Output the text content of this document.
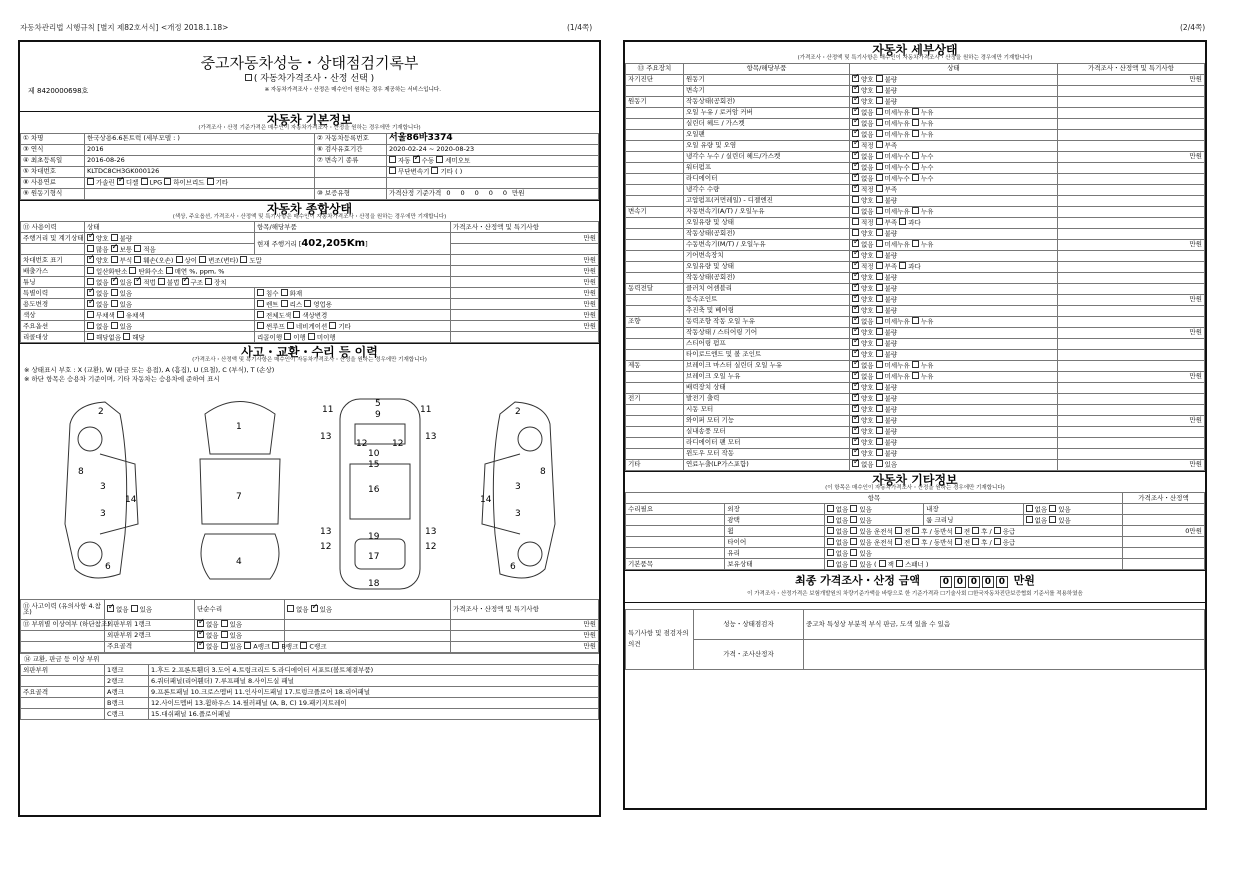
자동차관리법 시행규칙 [별지 제82호서식] <개정 2018.1.18>	(1/4쪽)	(2/4쪽)
중고자동차성능・상태점검기록부
( 자동차가격조사・산정 선택 )
제 8420000698호	※ 자동차가격조사・산정은 매수인이 원하는 경우 제공하는 서비스입니다.
자동차 기본정보
(가격조사・산정 기준가격은 매수인이 자동차가격조사・산정을 원하는 경우에만 기재합니다)
① 차명	한국상용6.6톤트럭 (세부모델 : )	② 자동차등록번호	서울86바3374
③ 연식	2016	⑥ 검사유효기간	2020-02-24 ~ 2020-08-23
④ 최초등록일	2016-08-26	⑦ 변속기 종류	자동 ✓수동 세미오토
⑤ 차대번호	KLTDC8CH3GK000126		무단변속기 기타 ( )
⑧ 사용연료	가솔린 ✓디젤 LPG 하이브리드 기타		
⑨ 원동기형식		⑩ 보증유형	가격산정 기준가격 0 0 0 0 0 만원
자동차 종합상태
(색상, 주요옵션, 가격조사・산정액 및 특기사항은 매수인이 자동차가격조사・산정을 원하는 경우에만 기재합니다)
⑪ 사용이력	상태	항목/해당부품	가격조사・산정액 및 특기사항
주행거리 및 계기상태	✓양호 불량	현재 주행거리 [402,205Km]	만원
	많음 ✓보통 적음	
차대번호 표기	✓양호 부식 훼손(오손) 상이 변조(변타) 도말		만원
배출가스	일산화탄소 탄화수소 매연 %, ppm, %		만원
튜닝	없음 ✓있음 ✓적법 불법 ✓구조 장치		만원
특별이력	✓없음 있음	침수 화재	만원
용도변경	✓없음 있음	렌트 리스 영업용	만원
색상	무채색 유채색	전체도색 색상변경	만원
주요옵션	없음 있음	썬루프 네비게이션 기타	만원
리콜대상	해당없음 해당	리콜이행 이행 미이행	
사고・교환・수리 등 이력
(가격조사・산정액 및 특기사항은 매수인이 자동차가격조사・산정을 원하는 경우에만 기재합니다)
※ 상태표시 부호 : X (교환), W (판금 또는 용접), A (흠집), U (요철), C (부식), T (손상)
※ 하단 항목은 승용차 기준이며, 기타 자동차는 승용차에 준하여 표시
2
3
3
14
8
6
1
7
4
5
9
11	11
13	13
12	12
10
15
16
13	13
19
12	12
17
18
2
3
3
14
8
6
⑪ 사고이력 (유의사항 4.참조)	✓없음 있음	단순수리	없음 ✓있음	가격조사・산정액 및 특기사항
⑬ 부위별 이상여부 (하단참조)	외판부위 1랭크	✓없음 있음		만원
	외판부위 2랭크	✓없음 있음		만원
	주요골격	✓없음 있음 A랭크 B랭크 C랭크		만원
⑭ 교환, 판금 등 이상 부위
외판부위	1랭크	1.후드 2.프론트휀더 3.도어 4.트렁크리드 5.라디에이터 서포트(볼트체결부품)
	2랭크	6.쿼터패널(리어휀더) 7.루프패널 8.사이드실 패널
주요골격	A랭크	9.프론트패널 10.크로스멤버 11.인사이드패널 17.트렁크플로어 18.리어패널
	B랭크	12.사이드멤버 13.휠하우스 14.필러패널 (A, B, C) 19.패키지트레이
	C랭크	15.대쉬패널 16.플로어패널
자동차 세부상태
(가격조사・산정액 및 특기사항은 매수인이 자동차가격조사・산정을 원하는 경우에만 기재합니다)
⑬ 주요장치	항목/해당부품	상태	가격조사・산정액 및 특기사항
자기진단	원동기	✓양호 불량	만원
	변속기	✓양호 불량	
원동기	작동상태(공회전)	✓양호 불량	
	오일 누유 / 로커암 커버	✓없음 미세누유 누유	
	실린더 헤드 / 가스켓	✓없음 미세누유 누유	
	오일팬	✓없음 미세누유 누유	
	오일 유량 및 오염	✓적정 부족	
	냉각수 누수 / 실린더 헤드/가스켓	✓없음 미세누수 누수	만원
	워터펌프	✓없음 미세누수 누수	
	라디에이터	✓없음 미세누수 누수	
	냉각수 수량	✓적정 부족	
	고압펌프(커먼레일) - 디젤엔진	양호 불량	
변속기	자동변속기(A/T) / 오일누유	없음 미세누유 누유	
	오일유량 및 상태	적정 부족 과다	
	작동상태(공회전)	양호 불량	
	수동변속기(M/T) / 오일누유	✓없음 미세누유 누유	만원
	기어변속장치	✓양호 불량	
	오일유량 및 상태	✓적정 부족 과다	
	작동상태(공회전)	✓양호 불량	
동력전달	클러치 어셈블리	✓양호 불량	
	등속조인트	✓양호 불량	만원
	추진축 및 베어링	✓양호 불량	
조향	동력조향 작동 오일 누유	✓없음 미세누유 누유	
	작동상태 / 스티어링 기어	✓양호 불량	만원
	스티어링 펌프	✓양호 불량	
	타이로드엔드 및 볼 조인트	✓양호 불량	
제동	브레이크 마스터 실린더 오일 누유	✓없음 미세누유 누유	
	브레이크 오일 누유	✓없음 미세누유 누유	만원
	배력장치 상태	✓양호 불량	
전기	발전기 출력	✓양호 불량	
	시동 모터	✓양호 불량	
	와이퍼 모터 기능	✓양호 불량	만원
	실내송풍 모터	✓양호 불량	
	라디에이터 팬 모터	✓양호 불량	
	윈도우 모터 작동	✓양호 불량	
기타	연료누출(LP가스포함)	✓없음 있음	만원
자동차 기타정보
(이 항목은 매수인이 자동차가격조사・산정을 원하는 경우에만 기재합니다)
항목					가격조사・산정액
수리필요	외장	없음 있음	내장	없음 있음	
	광택	없음 있음	룸 크리닝	없음 있음	
	휠	없음 있음 운전석 전 후 / 동반석 전 후 / 응급			0만원
	타이어	없음 있음 운전석 전 후 / 동반석 전 후 / 응급			
	유리	없음 있음			
기본품목	보유상태	없음 있음 ( 잭 스패너 )			
최종 가격조사・산정 금액	0 0 0 0 0 만원
이 가격조사・산정가격은 보험개발원의 차량기준가액을 바탕으로 한 기준가격과 ☐기술사회 ☐한국자동차진단보증협회 기준서를 적용하였음
특기사항 및 점검자의 의견	성능・상태점검자	중고차 특성상 부분적 부식 판금, 도색 있을 수 있음
	가격・조사산정자	
